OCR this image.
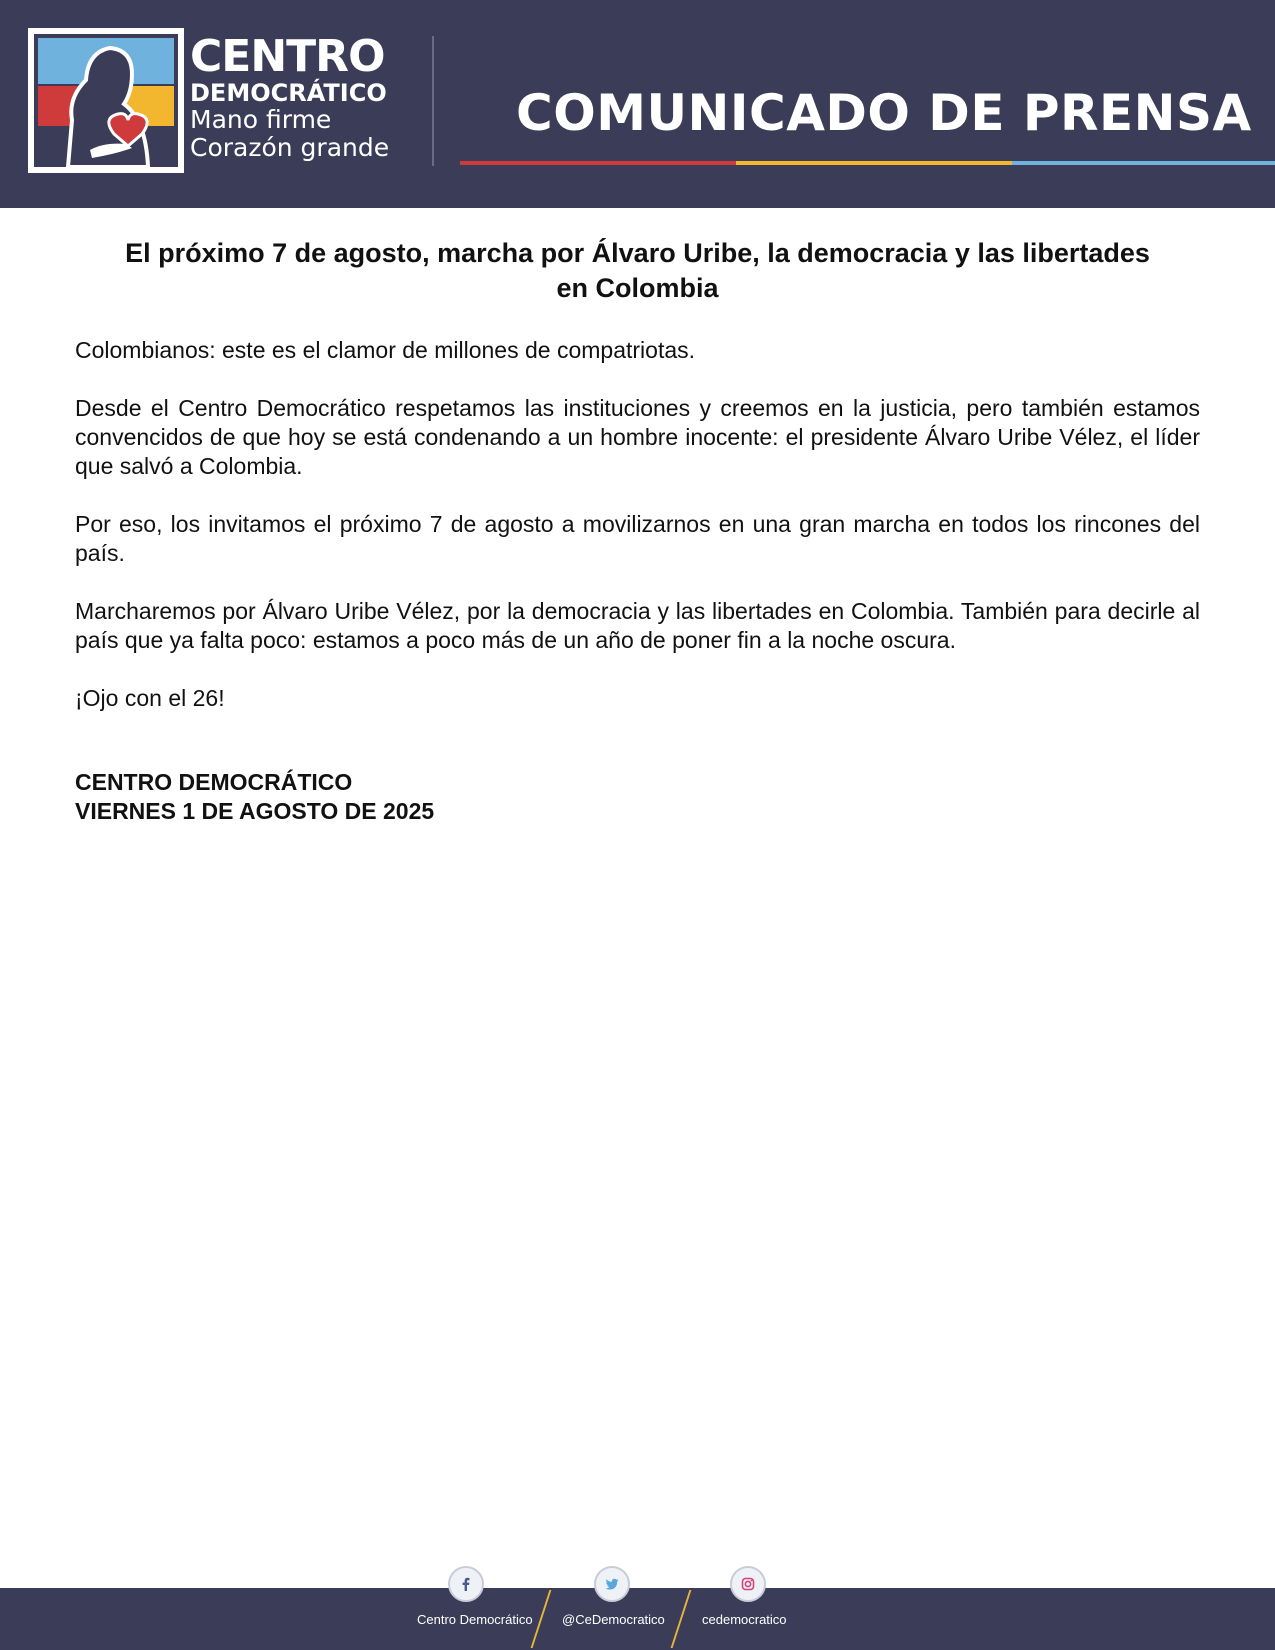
CENTRO
DEMOCRÁTICO
Mano firme
Corazón grande
COMUNICADO DE PRENSA
El próximo 7 de agosto, marcha por Álvaro Uribe, la democracia y las libertades
en Colombia

Colombianos: este es el clamor de millones de compatriotas.

Desde el Centro Democrático respetamos las instituciones y creemos en la justicia, pero también estamos convencidos de que hoy se está condenando a un hombre inocente: el presidente Álvaro Uribe Vélez, el líder que salvó a Colombia.

Por eso, los invitamos el próximo 7 de agosto a movilizarnos en una gran marcha en todos los rincones del país.

Marcharemos por Álvaro Uribe Vélez, por la democracia y las libertades en Colombia. También para decirle al país que ya falta poco: estamos a poco más de un año de poner fin a la noche oscura.

¡Ojo con el 26!

CENTRO DEMOCRÁTICO
VIERNES 1 DE AGOSTO DE 2025
Centro Democrático @CeDemocratico	cedemocratico
